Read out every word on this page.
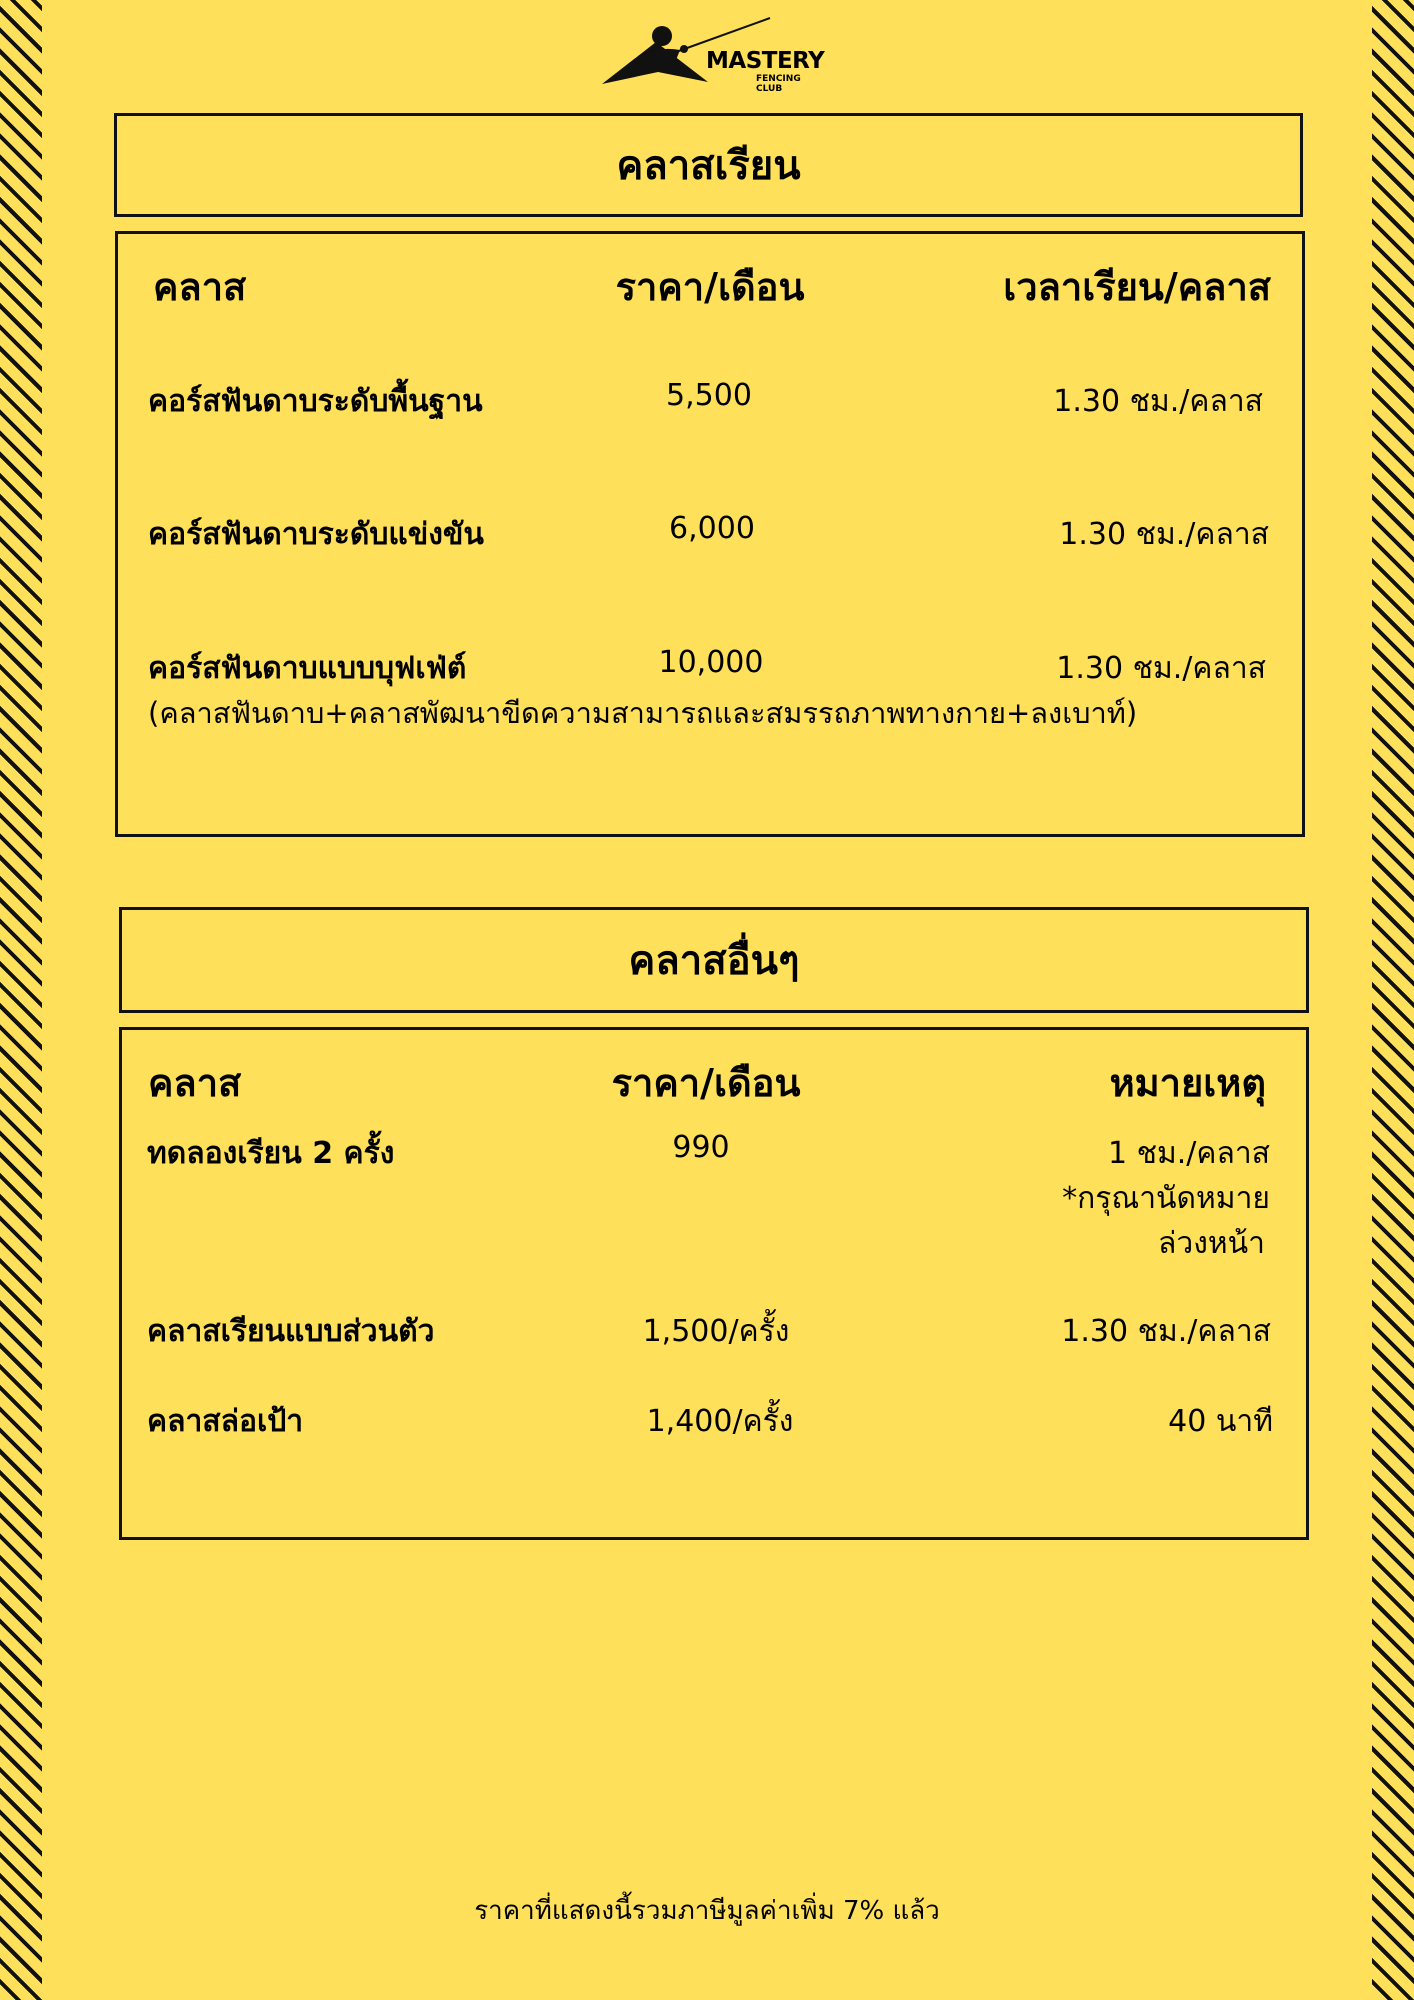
MASTERY
FENCING CLUB
คลาสเรียน
คลาส	ราคา/เดือน	เวลาเรียน/คลาส
คอร์สฟันดาบระดับพื้นฐาน	5,500	1.30 ชม./คลาส
คอร์สฟันดาบระดับแข่งขัน	6,000	1.30 ชม./คลาส
คอร์สฟันดาบแบบบุฟเฟ่ต์	10,000	1.30 ชม./คลาส
(คลาสฟันดาบ+คลาสพัฒนาขีดความสามารถและสมรรถภาพทางกาย+ลงเบาท์)
คลาสอื่นๆ
คลาส	ราคา/เดือน	หมายเหตุ
ทดลองเรียน 2 ครั้ง	990	1 ชม./คลาส
*กรุณานัดหมาย
ล่วงหน้า
คลาสเรียนแบบส่วนตัว	1,500/ครั้ง	1.30 ชม./คลาส
คลาสล่อเป้า	1,400/ครั้ง	40 นาที
ราคาที่แสดงนี้รวมภาษีมูลค่าเพิ่ม 7% แล้ว
